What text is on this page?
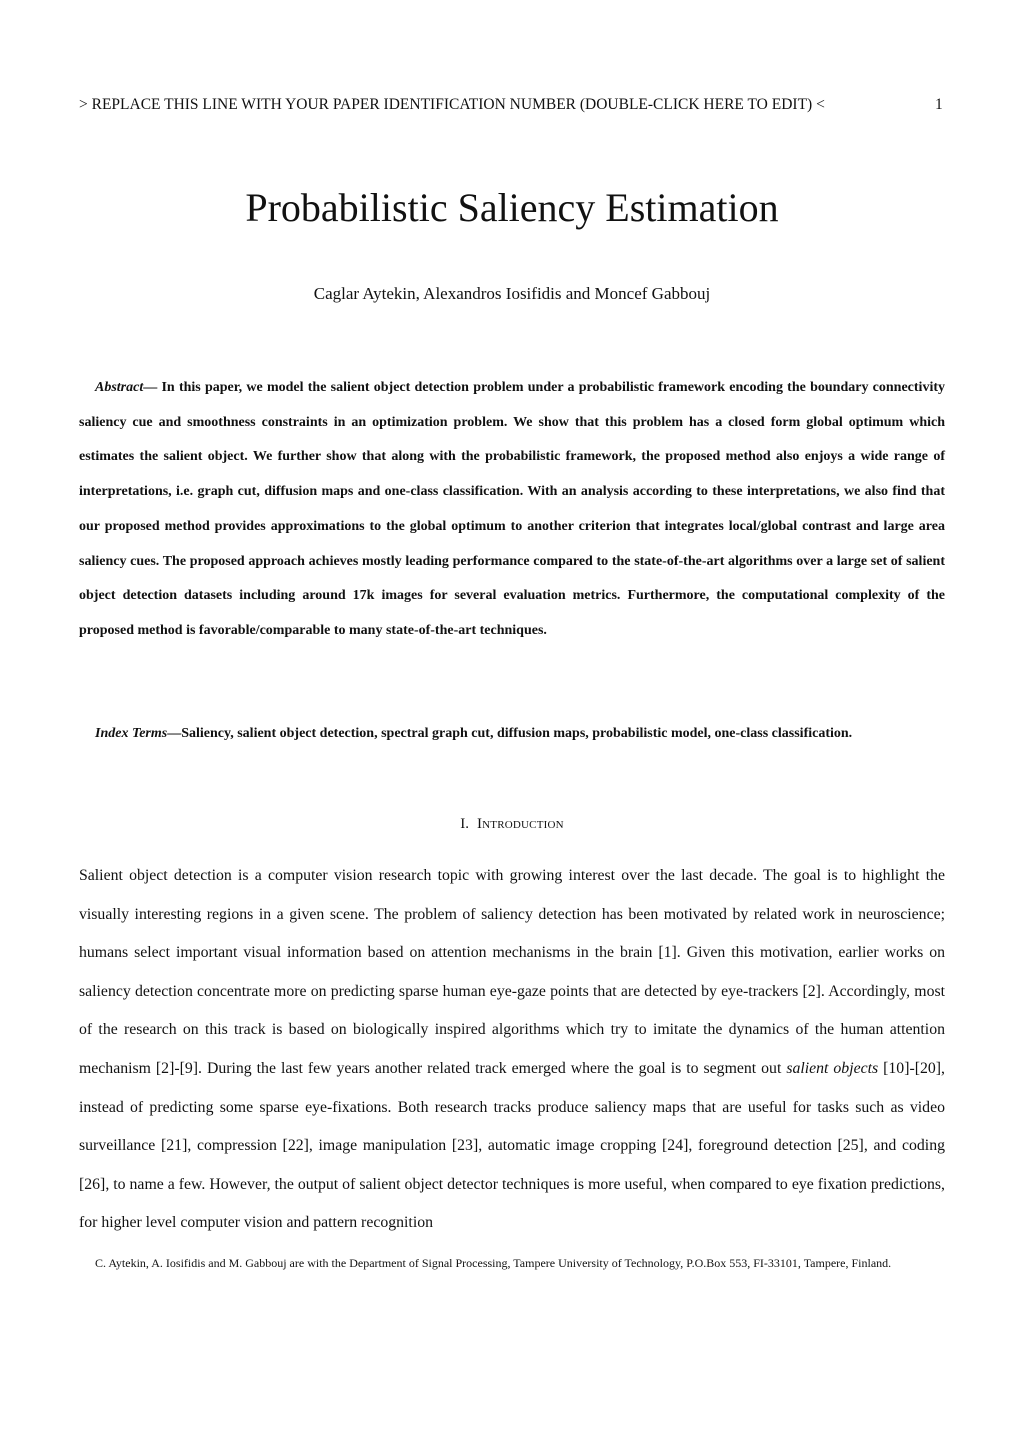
> REPLACE THIS LINE WITH YOUR PAPER IDENTIFICATION NUMBER (DOUBLE-CLICK HERE TO EDIT) <	1
Probabilistic Saliency Estimation
Caglar Aytekin, Alexandros Iosifidis and Moncef Gabbouj
Abstract— In this paper, we model the salient object detection problem under a probabilistic framework encoding the boundary connectivity saliency cue and smoothness constraints in an optimization problem. We show that this problem has a closed form global optimum which estimates the salient object. We further show that along with the probabilistic framework, the proposed method also enjoys a wide range of interpretations, i.e. graph cut, diffusion maps and one-class classification. With an analysis according to these interpretations, we also find that our proposed method provides approximations to the global optimum to another criterion that integrates local/global contrast and large area saliency cues. The proposed approach achieves mostly leading performance compared to the state-of-the-art algorithms over a large set of salient object detection datasets including around 17k images for several evaluation metrics. Furthermore, the computational complexity of the proposed method is favorable/comparable to many state-of-the-art techniques.
Index Terms—Saliency, salient object detection, spectral graph cut, diffusion maps, probabilistic model, one-class classification.
I. Introduction
Salient object detection is a computer vision research topic with growing interest over the last decade. The goal is to highlight the visually interesting regions in a given scene. The problem of saliency detection has been motivated by related work in neuroscience; humans select important visual information based on attention mechanisms in the brain [1]. Given this motivation, earlier works on saliency detection concentrate more on predicting sparse human eye-gaze points that are detected by eye-trackers [2]. Accordingly, most of the research on this track is based on biologically inspired algorithms which try to imitate the dynamics of the human attention mechanism [2]-[9]. During the last few years another related track emerged where the goal is to segment out salient objects [10]-[20], instead of predicting some sparse eye-fixations. Both research tracks produce saliency maps that are useful for tasks such as video surveillance [21], compression [22], image manipulation [23], automatic image cropping [24], foreground detection [25], and coding [26], to name a few. However, the output of salient object detector techniques is more useful, when compared to eye fixation predictions, for higher level computer vision and pattern recognition
C. Aytekin, A. Iosifidis and M. Gabbouj are with the Department of Signal Processing, Tampere University of Technology, P.O.Box 553, FI-33101, Tampere, Finland.
